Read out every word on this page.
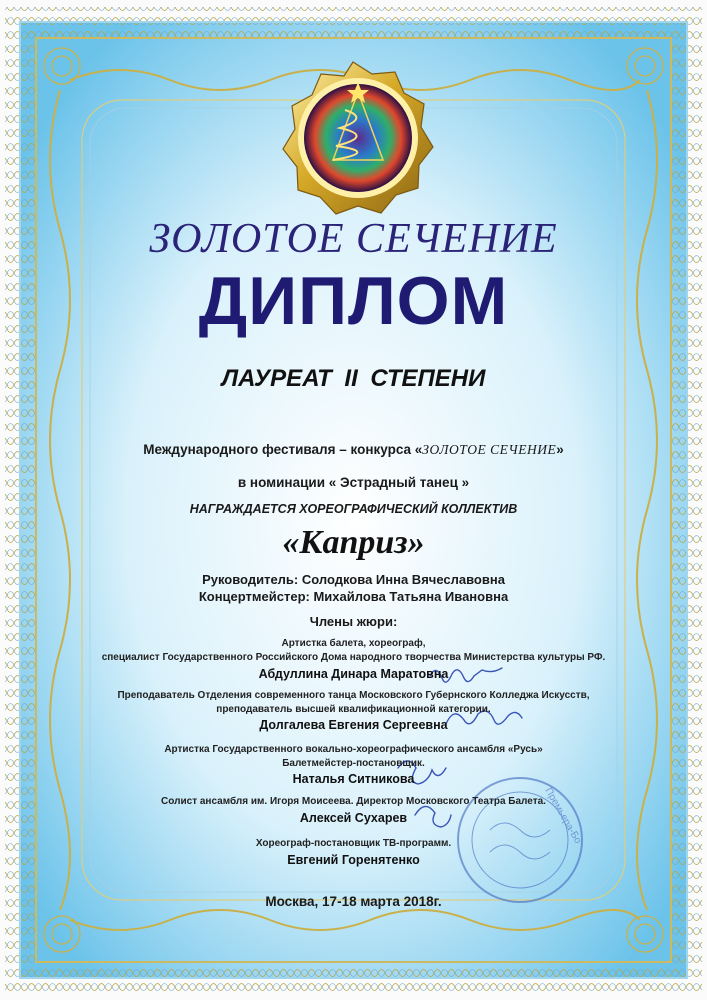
Премьера-Бо
ЗОЛОТОЕ СЕЧЕНИЕ
ДИПЛОМ
ЛАУРЕАТ II СТЕПЕНИ
Международного фестиваля – конкурса «ЗОЛОТОЕ СЕЧЕНИЕ»
в номинации « Эстрадный танец »
НАГРАЖДАЕТСЯ ХОРЕОГРАФИЧЕСКИЙ КОЛЛЕКТИВ
«Каприз»
Руководитель: Солодкова Инна Вячеславовна
Концертмейстер: Михайлова Татьяна Ивановна
Члены жюри:
Артистка балета, хореограф,
специалист Государственного Российского Дома народного творчества Министерства культуры РФ.
Абдуллина Динара Маратовна
Преподаватель Отделения современного танца Московского Губернского Колледжа Искусств,
преподаватель высшей квалификационной категории.
Долгалева Евгения Сергеевна
Артистка Государственного вокально-хореографического ансамбля «Русь»
Балетмейстер-постановщик.
Наталья Ситникова
Солист ансамбля им. Игоря Моисеева. Директор Московского Театра Балета.
Алексей Сухарев
Хореограф-постановщик ТВ-программ.
Евгений Горенятенко
Москва, 17-18 марта 2018г.
